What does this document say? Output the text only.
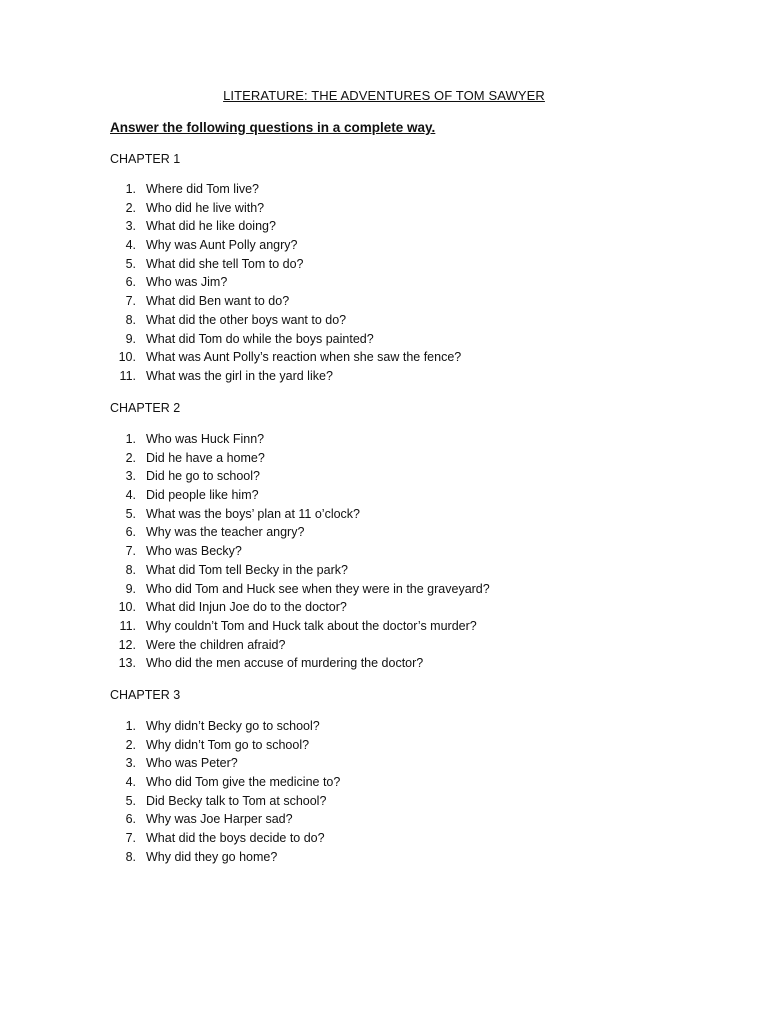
LITERATURE: THE ADVENTURES OF TOM SAWYER
Answer the following questions in a complete way.
CHAPTER 1
1. Where did Tom live?
2. Who did he live with?
3. What did he like doing?
4. Why was Aunt Polly angry?
5. What did she tell Tom to do?
6. Who was Jim?
7. What did Ben want to do?
8. What did the other boys want to do?
9. What did Tom do while the boys painted?
10. What was Aunt Polly’s reaction when she saw the fence?
11. What was the girl in the yard like?
CHAPTER 2
1. Who was Huck Finn?
2. Did he have a home?
3. Did he go to school?
4. Did people like him?
5. What was the boys’ plan at 11 o’clock?
6. Why was the teacher angry?
7. Who was Becky?
8. What did Tom tell Becky in the park?
9. Who did Tom and Huck see when they were in the graveyard?
10. What did Injun Joe do to the doctor?
11. Why couldn’t Tom and Huck talk about the doctor’s murder?
12. Were the children afraid?
13. Who did the men accuse of murdering the doctor?
CHAPTER 3
1. Why didn’t Becky go to school?
2. Why didn’t Tom go to school?
3. Who was Peter?
4. Who did Tom give the medicine to?
5. Did Becky talk to Tom at school?
6. Why was Joe Harper sad?
7. What did the boys decide to do?
8. Why did they go home?
